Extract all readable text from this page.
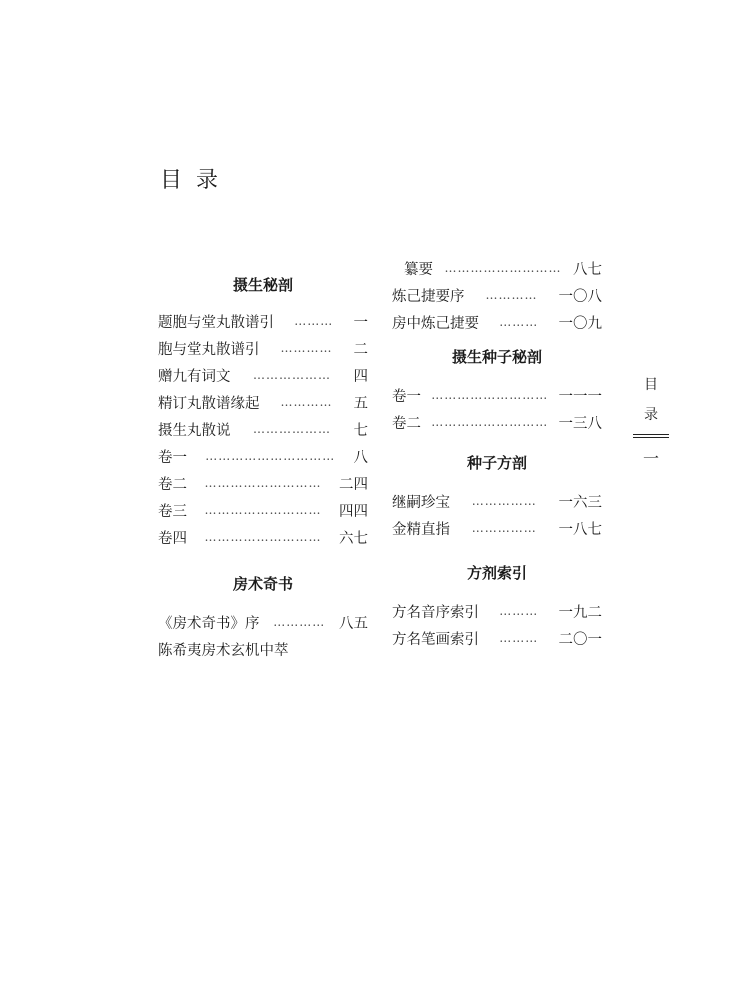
目录
摄生秘剖
题胞与堂丸散谱引	………	一
胞与堂丸散谱引	…………	二
赠九有词文	………………	四
精订丸散谱缘起	…………	五
摄生丸散说	………………	七
卷一	…………………………	八
卷二	………………………	二四
卷三	………………………	四四
卷四	………………………	六七
房术奇书
《房术奇书》序	………… 八五
陈希夷房术玄机中萃
纂要 ……………………… 八七
炼己捷要序	…………	一〇八
房中炼己捷要	………	一〇九
摄生种子秘剖
卷一 ……………………… 一一一
卷二 ……………………… 一三八
种子方剖
继嗣珍宝	……………	一六三
金精直指	……………	一八七
方剂索引
方名音序索引	………	一九二
方名笔画索引	………	二〇一
目
录
一
